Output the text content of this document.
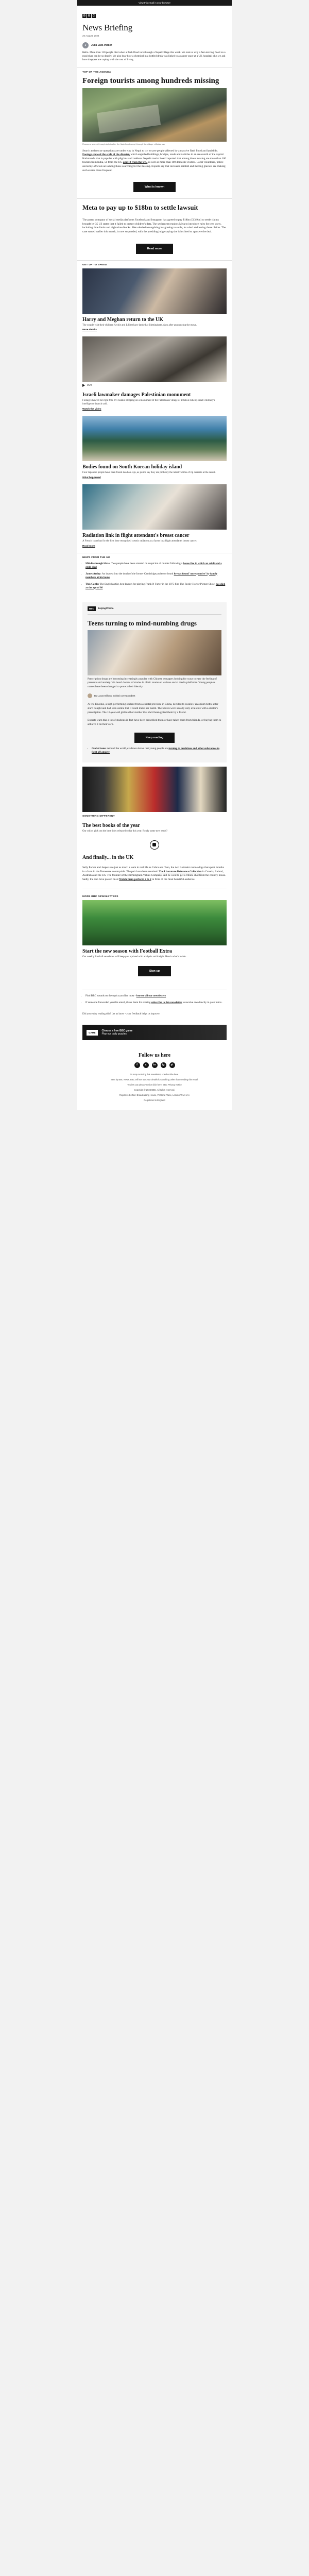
View this email in your browser
B B C
News Briefing
20 August, 2024
J	Julia Lutz-Parker

Hello. More than 130 people died when a flash flood tore through a Nepal village this week. We look at why a fast-moving flood on a rural river can be so deadly. We also hear how a chemical in a bottled drink was linked to a cancer scare at a UK hospital, plus we ask how shoppers are coping with the cost of living.

TOP OF THE AGENDA
Foreign tourists among hundreds missing
Rescuers search through debris after the flash flood swept through the village, officials say

Search and rescue operations are under way in Nepal to try to save people affected by a massive flash flood and landslide. Footage showed the scale of the disaster, which engulfed buildings, bridges, roads and vehicles in an area north of the capital Kathmandu that is popular with pilgrims and trekkers. Nepal's tourist board reported that among those missing are more than 100 tourists from India, 50 from the US, and 10 from the UK, as well as more than 100 domestic visitors. Local volunteers, police and army officials are among those searching for the missing. Experts say that increased rainfall and melting glaciers are making such events more frequent.

What is known
Meta to pay up to $18bn to settle lawsuit

The parent company of social media platforms Facebook and Instagram has agreed to pay $18bn (£13.9bn) to settle claims brought by 35 US states that it failed to protect children's data. The settlement requires Meta to introduce rules for teen users, including time limits and night-time blocks. Meta denied wrongdoing in agreeing to settle, in a deal addressing those claims. The case started earlier this month, is now suspended, with the presiding judge saying she is inclined to approve the deal.

Read more
GET UP TO SPEED
Harry and Meghan return to the UK

The couple visit their children Archie and Lilibet have landed at Birmingham, days after announcing the move.

More details
0:27
Israeli lawmaker damages Palestinian monument

Footage showed far-right MK Zvi Sukkot stepping on a monument of the Palestinian village of Umm al-Kheir; Israel's military's intelligence branch said.

Watch the video
Bodies found on South Korean holiday island

Four Japanese people have been found dead on Jeju, as police say they are probably the latest victims of rip currents at the resort.

What happened
Radiation link in flight attendant's breast cancer

A French court has for the first time recognised cosmic radiation as a factor in a flight attendant's breast cancer.

Read more
NEWS FROM THE UK
• Middlesbrough blaze: Two people have been arrested on suspicion of murder following a house fire in which an adult and a child died
• James Arday: An inquest into the death of the former Cambridge professor heard he was found 'unresponsive' by family members at his home
• This Cattle: The English artist, best known for playing Frank N Furter in the 1975 film The Rocky Horror Picture Show, has died at the age of 86
BBC	Beijing/China
Teens turning to mind-numbing drugs

Prescription drugs are becoming increasingly popular with Chinese teenagers looking for ways to ease the feeling of pressure and anxiety. We heard dozens of stories in clinic rooms on various social media platforms. Young people's names have been changed to protect their identity.

By Lucas Billions, Global correspondent

At 16, Duoduo, a high-performing student from a coastal province in China, decided to swallow an opium bottle after she'd bought and had seen online that it could make her numb. The tablets were usually only available with a doctor's prescription. The 16-year-old girl told her mother that she'd been gifted them by a friend.

Experts warn that a lot of students in fact have been prescribed them or have taken them from friends, or buying them to achieve it on their own.

Keep reading
• Global issue: Around the world, evidence shows that young people are turning to medicines and other substances to fight off anxiety
SOMETHING DIFFERENT
The best books of the year

Our critics pick out the best titles released so far this year. Ready some new reads?

And finally... in the UK

Sally Parker and Jaspers are just as much a team in real life as Cobra and Teen, the two Labrador rescue dogs that spent months in a farm in the Tennessee countryside. The pair have been reunited. The Literature Reference Collection in Canada, Ireland, Australia and the US. The founder of the Birmingham Values Company said he went to get a tribute shot from the country house. Sadly, the duo have passed on at Watch them perform 2 to 2 in front of the most beautiful audience.

MORE BBC NEWSLETTERS
Start the new season with Football Extra

Our weekly football newsletter will keep you updated with analysis and insight. Here's what's inside...

Sign up
• Find BBC sounds on the topics you like most - browse all our newsletters
• If someone forwarded you this email, thank them for sharing subscribe to this newsletter to receive one directly in your inbox.

Did you enjoy reading this? Let us know - your feedback helps us improve.

GAME	Choose a free BBC game
Play our daily puzzles
Follow us here
f	x	in	ig	yt

To stop receiving this newsletter, unsubscribe here.

Sent by BBC News. BBC will not use your details for anything other than sending this email.

To view our privacy notice click here. BBC Privacy Notice

Copyright © 2024 BBC, All rights reserved.

Registered office: Broadcasting House, Portland Place, London W1A 1AA

Registered in England
